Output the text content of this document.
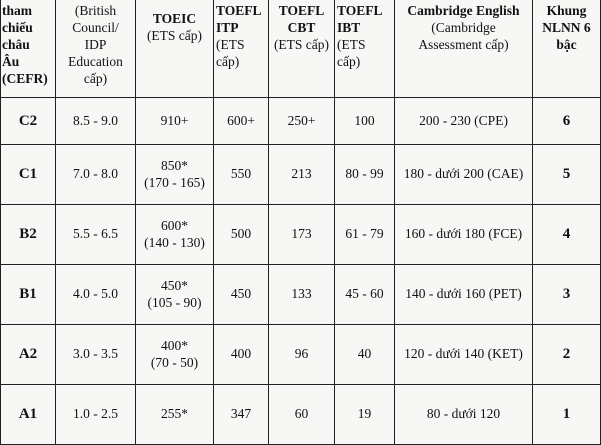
tham
chiếu
châu
Âu
(CEFR)	(British
Council/
IDP
Education
cấp)	TOEIC
(ETS cấp)	TOEFL
ITP
(ETS
cấp)	TOEFL
CBT
(ETS cấp)	TOEFL
IBT
(ETS
cấp)	Cambridge English
(Cambridge
Assessment cấp)	Khung
NLNN 6
bậc

C2	8.5 - 9.0	910+	600+	250+	100	200 - 230 (CPE)	6
C1	7.0 - 8.0	850*
(170 - 165)	550	213	80 - 99	180 - dưới 200 (CAE)	5
B2	5.5 - 6.5	600*
(140 - 130)	500	173	61 - 79	160 - dưới 180 (FCE)	4
B1	4.0 - 5.0	450*
(105 - 90)	450	133	45 - 60	140 - dưới 160 (PET)	3
A2	3.0 - 3.5	400*
(70 - 50)	400	96	40	120 - dưới 140 (KET)	2
A1	1.0 - 2.5	255*	347	60	19	80 - dưới 120	1
